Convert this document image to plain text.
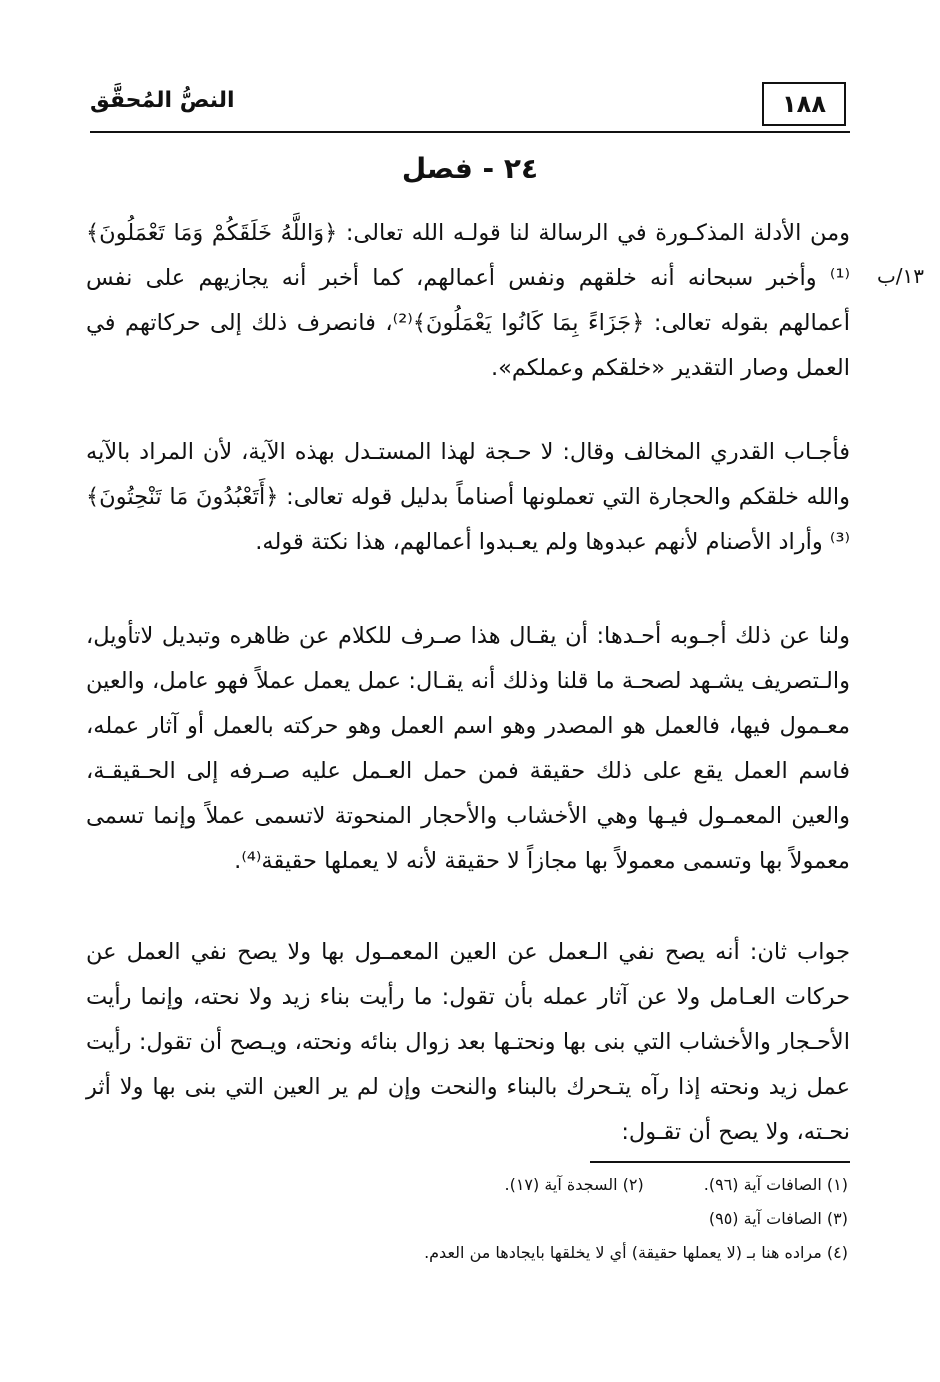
النصُّ المُحقَّق	١٨٨
٢٤ - فصل
١٣/ب

ومن الأدلة المذكـورة في الرسالة لنا قولـه الله تعالى: ﴿وَاللَّهُ خَلَقَكُمْ وَمَا تَعْمَلُونَ﴾⁽¹⁾ وأخبر سبحانه أنه خلقهم ونفس أعمالهم، كما أخبر أنه يجازيهم على نفس أعمالهم بقوله تعالى: ﴿جَزَاءً بِمَا كَانُوا يَعْمَلُونَ﴾⁽²⁾، فانصرف ذلك إلى حركاتهم في العمل وصار التقدير «خلقكم وعملكم».

فأجـاب القدري المخالف وقال: لا حـجة لهذا المستـدل بهذه الآية، لأن المراد بالآيه والله خلقكم والحجارة التي تعملونها أصناماً بدليل قوله تعالى: ﴿أَتَعْبُدُونَ مَا تَنْحِتُونَ﴾⁽³⁾ وأراد الأصنام لأنهم عبدوها ولم يعـبدوا أعمالهم، هذا نكتة قوله.

ولنا عن ذلك أجـوبه أحـدها: أن يقـال هذا صـرف للكلام عن ظاهره وتبديل لاتأويل، والـتصريف يشـهد لصحـة ما قلنا وذلك أنه يقـال: عمل يعمل عملاً فهو عامل، والعين معـمول فيها، فالعمل هو المصدر وهو اسم العمل وهو حركته بالعمل أو آثار عمله، فاسم العمل يقع على ذلك حقيقة فمن حمل العـمل عليه صـرفه إلى الحـقيقـة، والعين المعمـول فيـها وهي الأخشاب والأحجار المنحوتة لاتسمى عملاً وإنما تسمى معمولاً بها وتسمى معمولاً بها مجازاً لا حقيقة لأنه لا يعملها حقيقة⁽⁴⁾.

جواب ثان: أنه يصح نفي الـعمل عن العين المعمـول بها ولا يصح نفي العمل عن حركات العـامل ولا عن آثار عمله بأن تقول: ما رأيت بناء زيد ولا نحته، وإنما رأيت الأحـجار والأخشاب التي بنى بها ونحتـها بعد زوال بنائه ونحته، ويـصح أن تقول: رأيت عمل زيد ونحته إذا رآه يتـحرك بالبناء والنحت وإن لم ير العين التي بنى بها ولا أثر نحـته، ولا يصح أن تقـول:

(١) الصافات آية (٩٦).(٢) السجدة آية (١٧).
(٣) الصافات آية (٩٥)
(٤) مراده هنا بـ (لا يعملها حقيقة) أي لا يخلقها بايجادها من العدم.
